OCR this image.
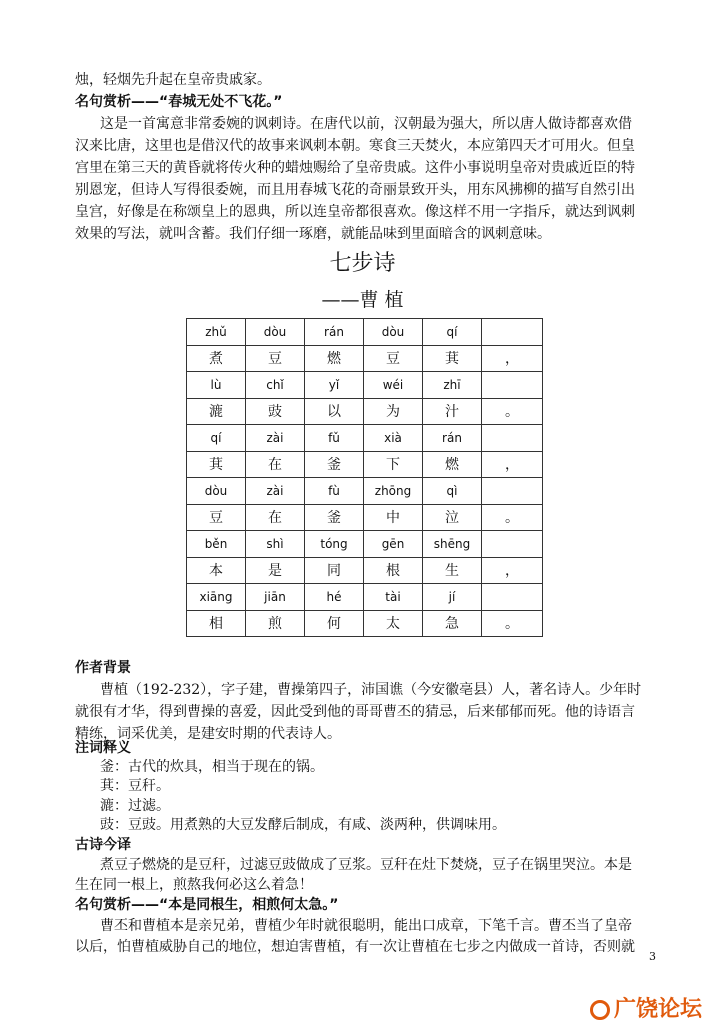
烛，轻烟先升起在皇帝贵戚家。
名句赏析——“春城无处不飞花。”
这是一首寓意非常委婉的讽刺诗。在唐代以前，汉朝最为强大，所以唐人做诗都喜欢借
汉来比唐，这里也是借汉代的故事来讽刺本朝。寒食三天焚火，本应第四天才可用火。但皇
宫里在第三天的黄昏就将传火种的蜡烛赐给了皇帝贵戚。这件小事说明皇帝对贵戚近臣的特
别恩宠，但诗人写得很委婉，而且用春城飞花的奇丽景致开头，用东风拂柳的描写自然引出
皇宫，好像是在称颂皇上的恩典，所以连皇帝都很喜欢。像这样不用一字指斥，就达到讽刺
效果的写法，就叫含蓄。我们仔细一琢磨，就能品味到里面暗含的讽刺意味。
七步诗
——曹 植
zhǔ	dòu	rán	dòu	qí	
煮	豆	燃	豆	萁	，
lù	chǐ	yǐ	wéi	zhī	
漉	豉	以	为	汁	。
qí	zài	fǔ	xià	rán	
萁	在	釜	下	燃	，
dòu	zài	fù	zhōng	qì	
豆	在	釜	中	泣	。
běn	shì	tóng	gēn	shēng	
本	是	同	根	生	，
xiāng	jiān	hé	tài	jí	
相	煎	何	太	急	。
作者背景
曹植（192-232），字子建，曹操第四子，沛国谯（今安徽亳县）人，著名诗人。少年时
就很有才华，得到曹操的喜爱，因此受到他的哥哥曹丕的猜忌，后来郁郁而死。他的诗语言
精练，词采优美，是建安时期的代表诗人。
注词释义
釜：古代的炊具，相当于现在的锅。
萁：豆秆。
漉：过滤。
豉：豆豉。用煮熟的大豆发酵后制成，有咸、淡两种，供调味用。
古诗今译
煮豆子燃烧的是豆秆，过滤豆豉做成了豆浆。豆秆在灶下焚烧，豆子在锅里哭泣。本是
生在同一根上，煎熬我何必这么着急！
名句赏析——“本是同根生，相煎何太急。”
曹丕和曹植本是亲兄弟，曹植少年时就很聪明，能出口成章，下笔千言。曹丕当了皇帝
以后，怕曹植威胁自己的地位，想迫害曹植，有一次让曹植在七步之内做成一首诗，否则就
3
广饶论坛
